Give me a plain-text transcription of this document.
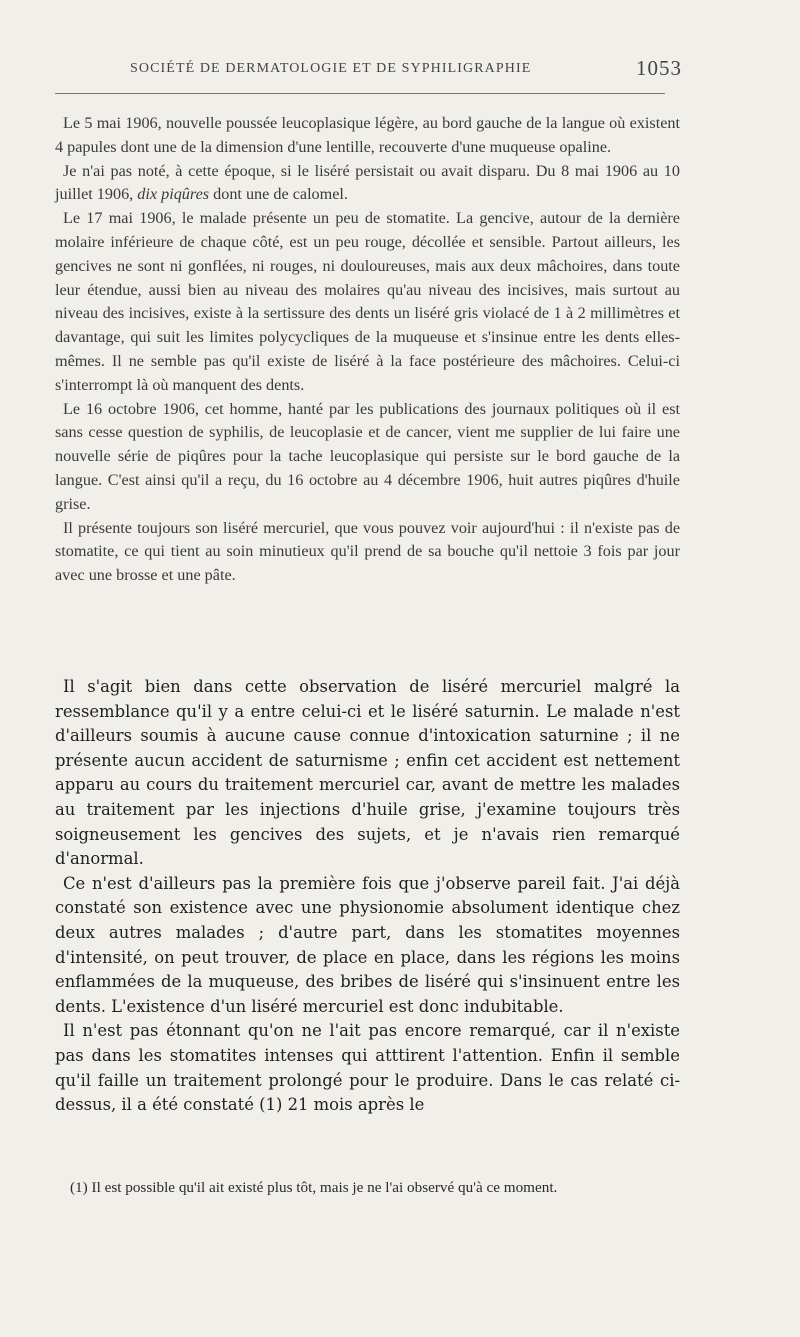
SOCIÉTÉ DE DERMATOLOGIE ET DE SYPHILIGRAPHIE	1053

Le 5 mai 1906, nouvelle poussée leucoplasique légère, au bord gauche de la langue où existent 4 papules dont une de la dimension d'une lentille, recouverte d'une muqueuse opaline.

Je n'ai pas noté, à cette époque, si le liséré persistait ou avait disparu. Du 8 mai 1906 au 10 juillet 1906, dix piqûres dont une de calomel.

Le 17 mai 1906, le malade présente un peu de stomatite. La gencive, autour de la dernière molaire inférieure de chaque côté, est un peu rouge, décollée et sensible. Partout ailleurs, les gencives ne sont ni gonflées, ni rouges, ni douloureuses, mais aux deux mâchoires, dans toute leur étendue, aussi bien au niveau des molaires qu'au niveau des incisives, mais surtout au niveau des incisives, existe à la sertissure des dents un liséré gris violacé de 1 à 2 millimètres et davantage, qui suit les limites polycycliques de la muqueuse et s'insinue entre les dents elles-mêmes. Il ne semble pas qu'il existe de liséré à la face postérieure des mâchoires. Celui-ci s'interrompt là où manquent des dents.

Le 16 octobre 1906, cet homme, hanté par les publications des journaux politiques où il est sans cesse question de syphilis, de leucoplasie et de cancer, vient me supplier de lui faire une nouvelle série de piqûres pour la tache leucoplasique qui persiste sur le bord gauche de la langue. C'est ainsi qu'il a reçu, du 16 octobre au 4 décembre 1906, huit autres piqûres d'huile grise.

Il présente toujours son liséré mercuriel, que vous pouvez voir aujourd'hui : il n'existe pas de stomatite, ce qui tient au soin minutieux qu'il prend de sa bouche qu'il nettoie 3 fois par jour avec une brosse et une pâte.

Il s'agit bien dans cette observation de liséré mercuriel malgré la ressemblance qu'il y a entre celui-ci et le liséré saturnin. Le malade n'est d'ailleurs soumis à aucune cause connue d'intoxication saturnine ; il ne présente aucun accident de saturnisme ; enfin cet accident est nettement apparu au cours du traitement mercuriel car, avant de mettre les malades au traitement par les injections d'huile grise, j'examine toujours très soigneusement les gencives des sujets, et je n'avais rien remarqué d'anormal.

Ce n'est d'ailleurs pas la première fois que j'observe pareil fait. J'ai déjà constaté son existence avec une physionomie absolument identique chez deux autres malades ; d'autre part, dans les stomatites moyennes d'intensité, on peut trouver, de place en place, dans les régions les moins enflammées de la muqueuse, des bribes de liséré qui s'insinuent entre les dents. L'existence d'un liséré mercuriel est donc indubitable.

Il n'est pas étonnant qu'on ne l'ait pas encore remarqué, car il n'existe pas dans les stomatites intenses qui atttirent l'attention. Enfin il semble qu'il faille un traitement prolongé pour le produire. Dans le cas relaté ci-dessus, il a été constaté (1) 21 mois après le

(1) Il est possible qu'il ait existé plus tôt, mais je ne l'ai observé qu'à ce moment.
